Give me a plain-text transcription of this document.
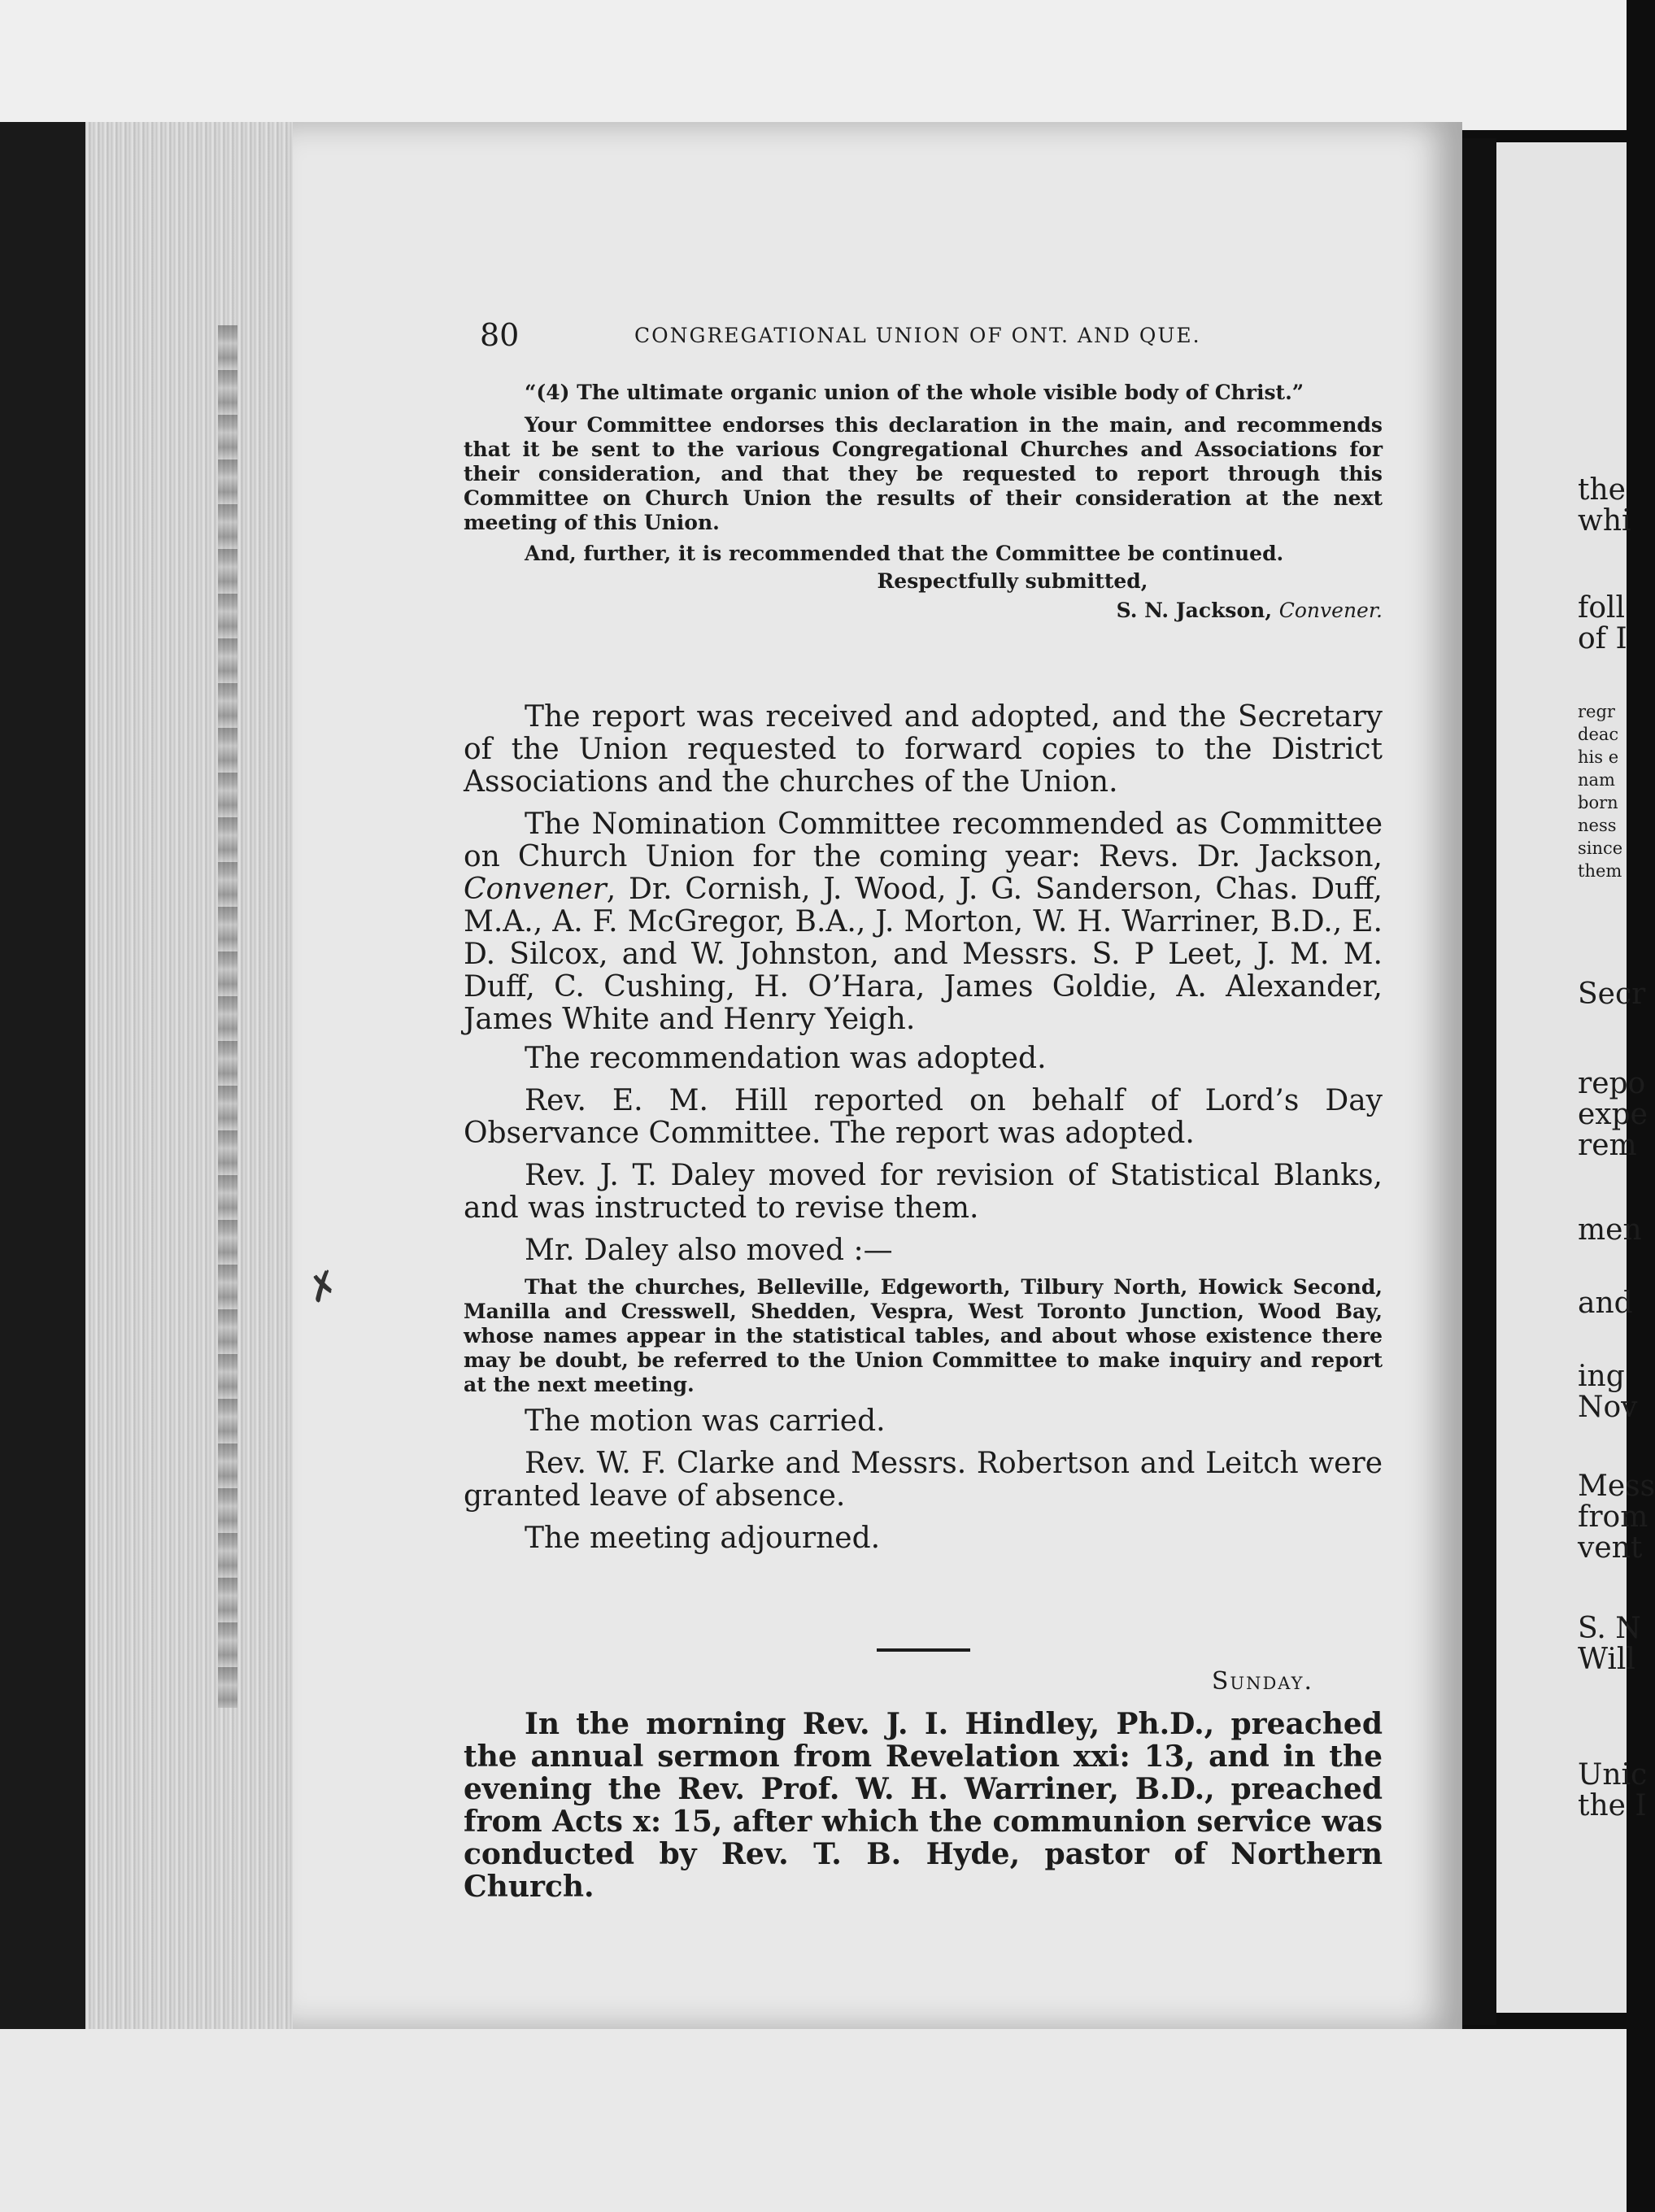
the
whi
foll
of I
regr
deac
his e
nam
born
ness
since
them
Secr
repo
expe
rem
men
and
ing
Nov
Mess
from
vent
S. N
Will
Unic
the I
80	CONGREGATIONAL UNION OF ONT. AND QUE.
“(4) The ultimate organic union of the whole visible body of Christ.”
Your Committee endorses this declaration in the main, and recommends that it be sent to the various Congregational Churches and Associations for their consideration, and that they be requested to report through this Committee on Church Union the results of their consideration at the next meeting of this Union.
And, further, it is recommended that the Committee be continued.
Respectfully submitted,
S. N. Jackson, Convener.
The report was received and adopted, and the Secretary of the Union requested to forward copies to the District Associations and the churches of the Union.
The Nomination Committee recommended as Committee on Church Union for the coming year: Revs. Dr. Jackson, Convener, Dr. Cornish, J. Wood, J. G. Sanderson, Chas. Duff, M.A., A. F. McGregor, B.A., J. Morton, W. H. Warriner, B.D., E. D. Silcox, and W. Johnston, and Messrs. S. P Leet, J. M. M. Duff, C. Cushing, H. O’Hara, James Goldie, A. Alexander, James White and Henry Yeigh.
The recommendation was adopted.
Rev. E. M. Hill reported on behalf of Lord’s Day Observance Committee. The report was adopted.
Rev. J. T. Daley moved for revision of Statistical Blanks, and was instructed to revise them.
Mr. Daley also moved :—
That the churches, Belleville, Edgeworth, Tilbury North, Howick Second, Manilla and Cresswell, Shedden, Vespra, West Toronto Junction, Wood Bay, whose names appear in the statistical tables, and about whose existence there may be doubt, be referred to the Union Committee to make inquiry and report at the next meeting.
The motion was carried.
Rev. W. F. Clarke and Messrs. Robertson and Leitch were granted leave of absence.
The meeting adjourned.
✗
Sunday.
In the morning Rev. J. I. Hindley, Ph.D., preached the annual sermon from Revelation xxi: 13, and in the evening the Rev. Prof. W. H. Warriner, B.D., preached from Acts x: 15, after which the communion service was conducted by Rev. T. B. Hyde, pastor of Northern Church.
